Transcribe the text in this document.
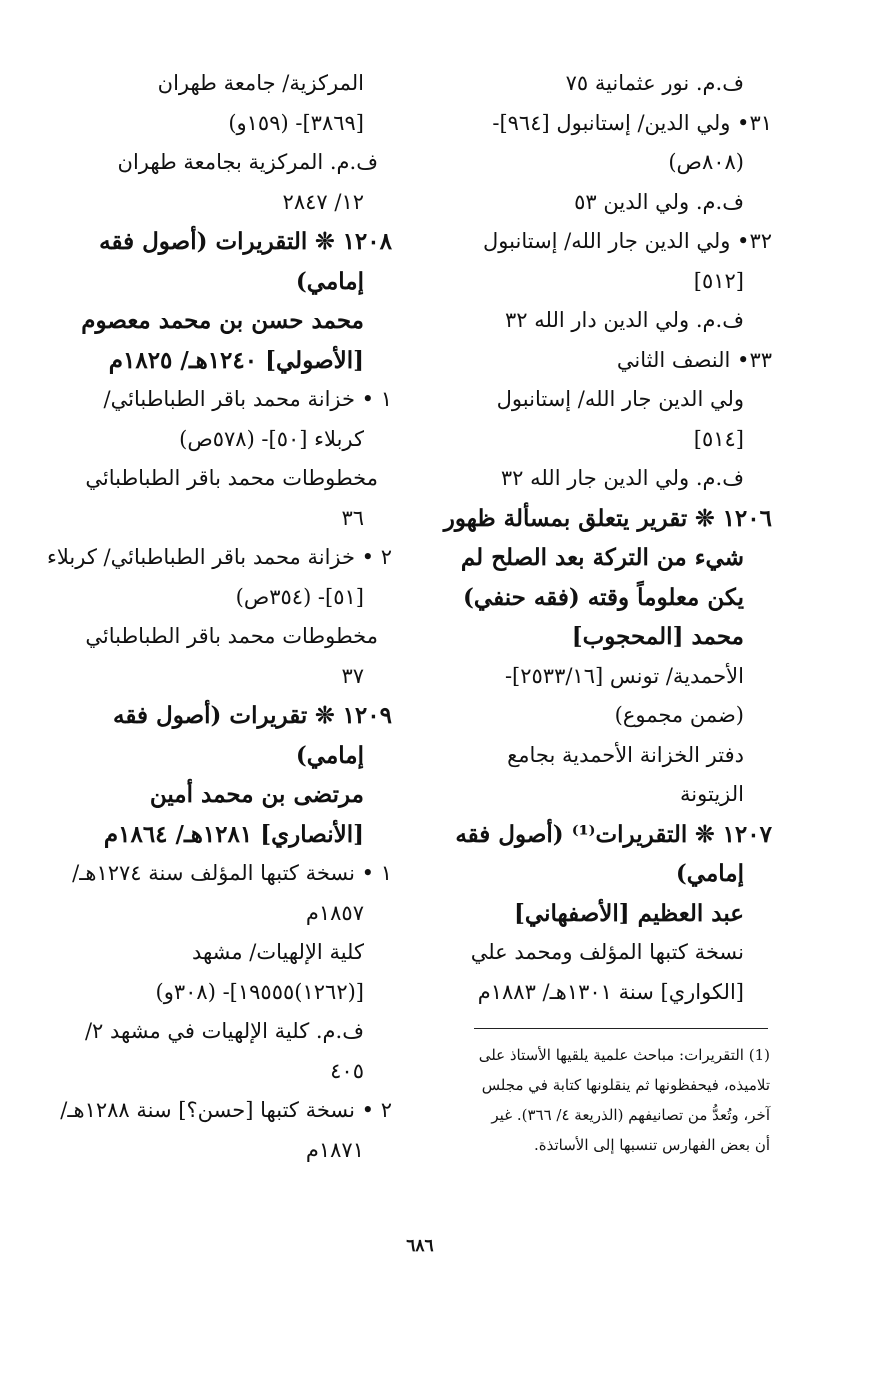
ف.م. نور عثمانية ٧٥
٣١• ولي الدين/ إستانبول [٩٦٤]-
(٨٠٨ص)
ف.م. ولي الدين ٥٣
٣٢• ولي الدين جار الله/ إستانبول
[٥١٢]
ف.م. ولي الدين دار الله ٣٢
٣٣• النصف الثاني
ولي الدين جار الله/ إستانبول
[٥١٤]
ف.م. ولي الدين جار الله ٣٢
١٢٠٦ ❊ تقرير يتعلق بمسألة ظهور
شيء من التركة بعد الصلح لم
يكن معلوماً وقته (فقه حنفي)
محمد [المحجوب]
الأحمدية/ تونس [٢٥٣٣/١٦]-
(ضمن مجموع)
دفتر الخزانة الأحمدية بجامع
الزيتونة
١٢٠٧ ❊ التقريرات⁽¹⁾ (أصول فقه
إمامي)
عبد العظيم [الأصفهاني]
نسخة كتبها المؤلف ومحمد علي
[الكواري] سنة ١٣٠١هـ/ ١٨٨٣م
المركزية/ جامعة طهران
[٣٨٦٩]- (١٥٩و)
ف.م. المركزية بجامعة طهران
١٢/ ٢٨٤٧
١٢٠٨ ❊ التقريرات (أصول فقه
إمامي)
محمد حسن بن محمد معصوم
[الأصولي] ١٢٤٠هـ/ ١٨٢٥م
١ • خزانة محمد باقر الطباطبائي/
كربلاء [٥٠]- (٥٧٨ص)
مخطوطات محمد باقر الطباطبائي
٣٦
٢ • خزانة محمد باقر الطباطبائي/ كربلاء
[٥١]- (٣٥٤ص)
مخطوطات محمد باقر الطباطبائي
٣٧
١٢٠٩ ❊ تقريرات (أصول فقه
إمامي)
مرتضى بن محمد أمين
[الأنصاري] ١٢٨١هـ/ ١٨٦٤م
١ • نسخة كتبها المؤلف سنة ١٢٧٤هـ/
١٨٥٧م
كلية الإلهيات/ مشهد
[(١٢٦٢)١٩٥٥٥]- (٣٠٨و)
ف.م. كلية الإلهيات في مشهد ٢/
٤٠٥
٢ • نسخة كتبها [حسن؟] سنة ١٢٨٨هـ/
١٨٧١م
(1) التقريرات: مباحث علمية يلقيها الأستاذ على
تلاميذه، فيحفظونها ثم ينقلونها كتابة في مجلس
آخر، وتُعدُّ من تصانيفهم (الذريعة ٤/ ٣٦٦). غير
أن بعض الفهارس تنسبها إلى الأساتذة.
٦٨٦
